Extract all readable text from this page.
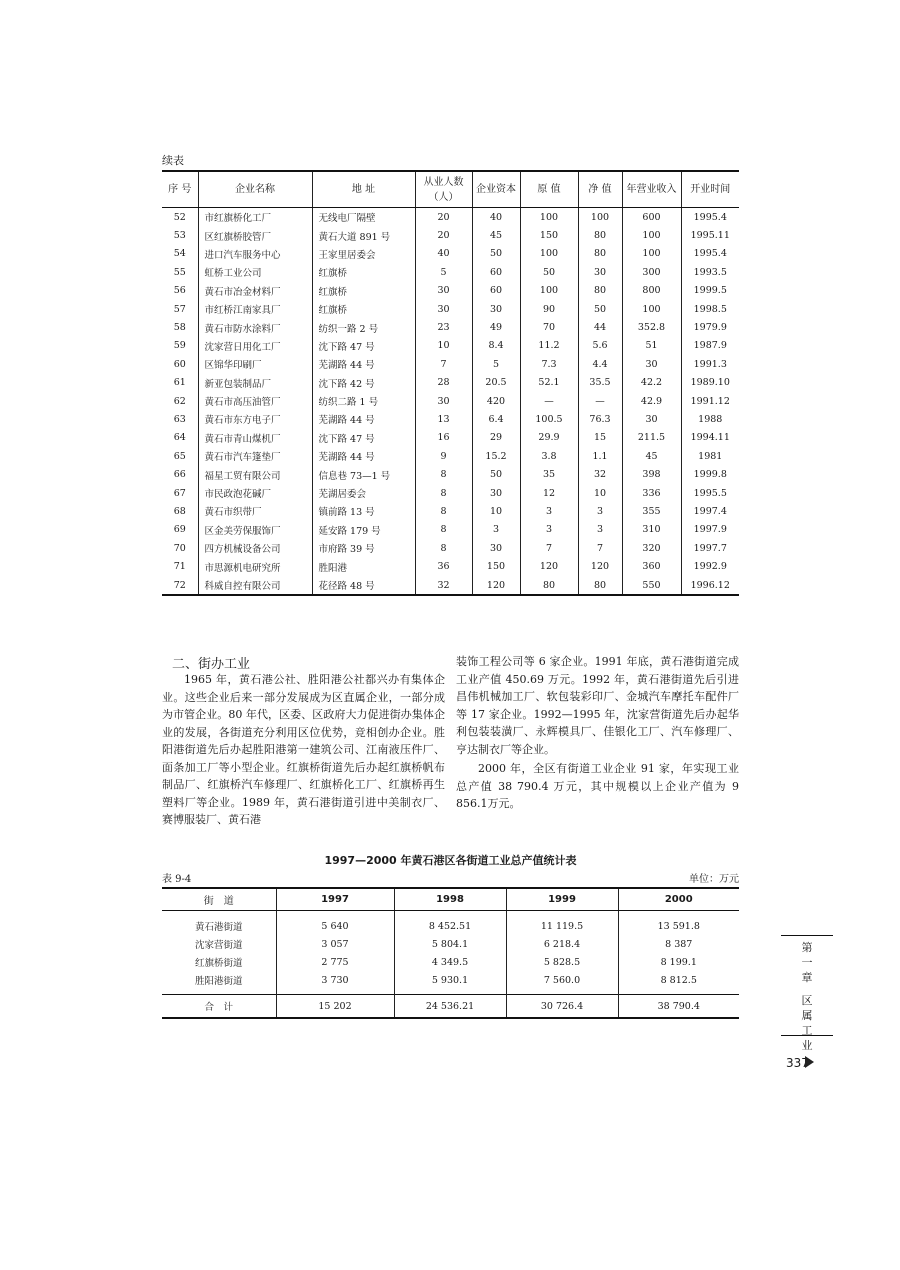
续表
序 号	企业名称	地 址	从业人数（人）	企业资本	原 值	净 值	年营业收入	开业时间
52	市红旗桥化工厂	无线电厂隔壁	20	40	100	100	600	1995.4
53	区红旗桥胶管厂	黄石大道 891 号	20	45	150	80	100	1995.11
54	进口汽车服务中心	王家里居委会	40	50	100	80	100	1995.4
55	虹桥工业公司	红旗桥	5	60	50	30	300	1993.5
56	黄石市冶金材料厂	红旗桥	30	60	100	80	800	1999.5
57	市红桥江南家具厂	红旗桥	30	30	90	50	100	1998.5
58	黄石市防水涂料厂	纺织一路 2 号	23	49	70	44	352.8	1979.9
59	沈家营日用化工厂	沈下路 47 号	10	8.4	11.2	5.6	51	1987.9
60	区锦华印刷厂	芜湖路 44 号	7	5	7.3	4.4	30	1991.3
61	新亚包装制品厂	沈下路 42 号	28	20.5	52.1	35.5	42.2	1989.10
62	黄石市高压油管厂	纺织二路 1 号	30	420	—	—	42.9	1991.12
63	黄石市东方电子厂	芜湖路 44 号	13	6.4	100.5	76.3	30	1988
64	黄石市青山煤机厂	沈下路 47 号	16	29	29.9	15	211.5	1994.11
65	黄石市汽车篷垫厂	芜湖路 44 号	9	15.2	3.8	1.1	45	1981
66	福星工贸有限公司	信息巷 73—1 号	8	50	35	32	398	1999.8
67	市民政泡花碱厂	芜湖居委会	8	30	12	10	336	1995.5
68	黄石市织带厂	镇前路 13 号	8	10	3	3	355	1997.4
69	区金美劳保服饰厂	延安路 179 号	8	3	3	3	310	1997.9
70	四方机械设备公司	市府路 39 号	8	30	7	7	320	1997.7
71	市思源机电研究所	胜阳港	36	150	120	120	360	1992.9
72	科威自控有限公司	花径路 48 号	32	120	80	80	550	1996.12
二、街办工业

1965 年，黄石港公社、胜阳港公社都兴办有集体企业。这些企业后来一部分发展成为区直属企业，一部分成为市管企业。80 年代，区委、区政府大力促进街办集体企业的发展，各街道充分利用区位优势，竞相创办企业。胜阳港街道先后办起胜阳港第一建筑公司、江南液压件厂、面条加工厂等小型企业。红旗桥街道先后办起红旗桥帆布制品厂、红旗桥汽车修理厂、红旗桥化工厂、红旗桥再生塑料厂等企业。1989 年，黄石港街道引进中美制衣厂、赛博服装厂、黄石港

装饰工程公司等 6 家企业。1991 年底，黄石港街道完成工业产值 450.69 万元。1992 年，黄石港街道先后引进昌伟机械加工厂、软包装彩印厂、金城汽车摩托车配件厂等 17 家企业。1992—1995 年，沈家营街道先后办起华利包装装潢厂、永辉模具厂、佳银化工厂、汽车修理厂、亨达制衣厂等企业。

2000 年，全区有街道工业企业 91 家，年实现工业总产值 38 790.4 万元，其中规模以上企业产值为 9 856.1万元。

1997—2000 年黄石港区各街道工业总产值统计表
表 9-4	单位：万元
街　道	1997	1998	1999	2000
黄石港街道	5 640	8 452.51	11 119.5	13 591.8
沈家营街道	3 057	5 804.1	6 218.4	8 387
红旗桥街道	2 775	4 349.5	5 828.5	8 199.1
胜阳港街道	3 730	5 930.1	7 560.0	8 812.5
合　计	15 202	24 536.21	30 726.4	38 790.4
第
一
章
区
属
工
业
337
